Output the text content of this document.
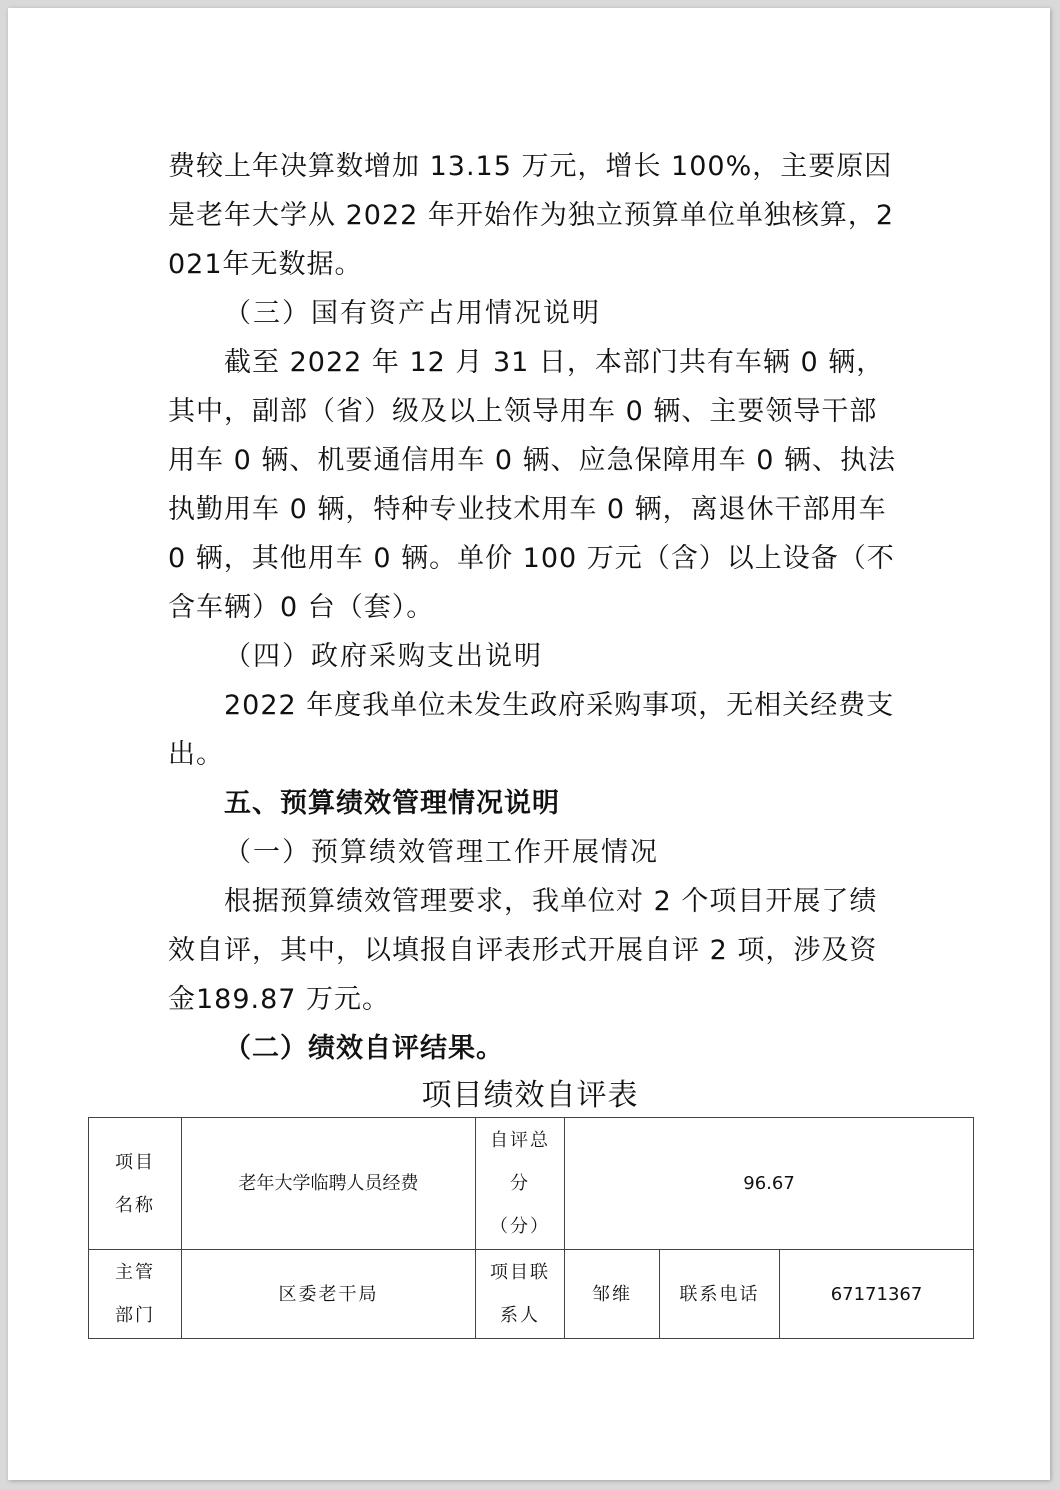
费较上年决算数增加 13.15 万元，增长 100%，主要原因是老年大学从 2022 年开始作为独立预算单位单独核算，2021年无数据。

（三）国有资产占用情况说明

截至 2022 年 12 月 31 日，本部门共有车辆 0 辆，其中，副部（省）级及以上领导用车 0 辆、主要领导干部用车 0 辆、机要通信用车 0 辆、应急保障用车 0 辆、执法执勤用车 0 辆，特种专业技术用车 0 辆，离退休干部用车 0 辆，其他用车 0 辆。单价 100 万元（含）以上设备（不含车辆）0 台（套）。

（四）政府采购支出说明

2022 年度我单位未发生政府采购事项，无相关经费支出。

五、预算绩效管理情况说明

（一）预算绩效管理工作开展情况

根据预算绩效管理要求，我单位对 2 个项目开展了绩效自评，其中，以填报自评表形式开展自评 2 项，涉及资金189.87 万元。

（二）绩效自评结果。

项目绩效自评表
项目名称	老年大学临聘人员经费	自评总分（分）	96.67		
主管部门	区委老干局	项目联系人	邹维	联系电话	67171367
